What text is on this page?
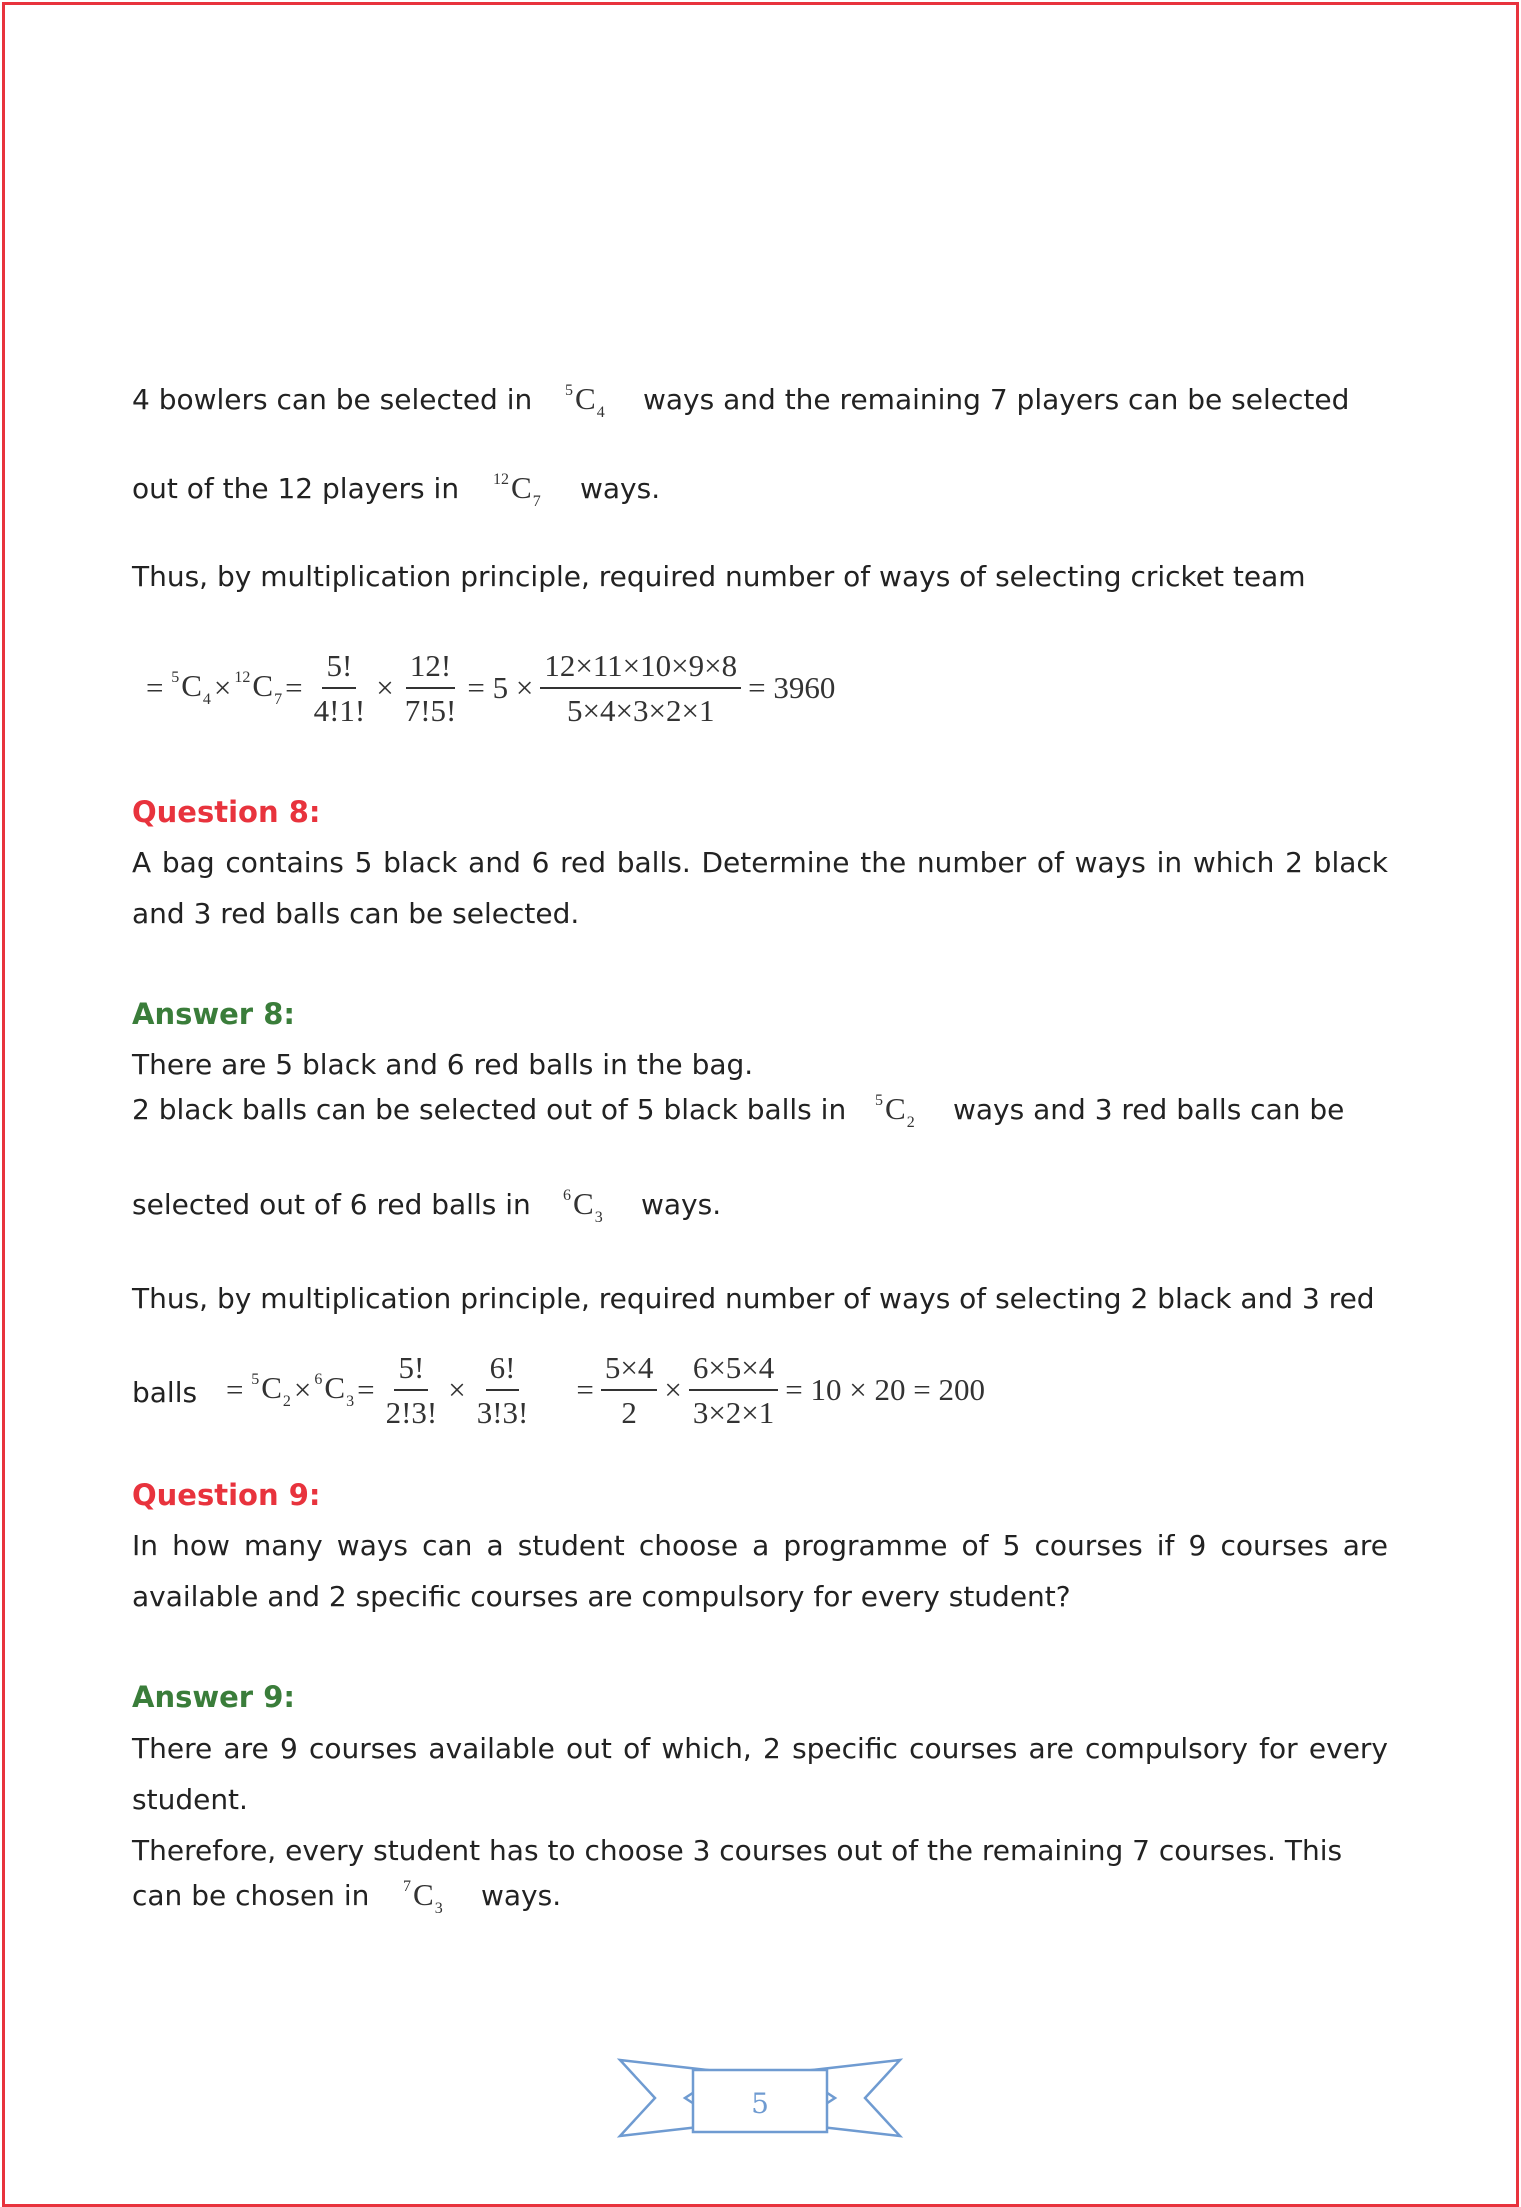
4 bowlers can be selected in $^5C_4$ ways and the remaining 7 players can be selected
out of the 12 players in $^{12}C_7$ ways.
Thus, by multiplication principle, required number of ways of selecting cricket team
=
$^5C_4 \times ^{12}C_7 = \frac{5!}{4!1!} \times \frac{12!}{7!5!} = 5 \times \frac{12\times 11\times 10\times 9\times 8}{5\times 4\times 3\times 2\times 1} = 3960$
Question 8:
A bag contains 5 black and 6 red balls. Determine the number of ways in which 2 black and 3 red balls can be selected.
Answer 8:
There are 5 black and 6 red balls in the bag.
2 black balls can be selected out of 5 black balls in $^5C_2$ ways and 3 red balls can be
selected out of 6 red balls in $^6C_3$ ways.
Thus, by multiplication principle, required number of ways of selecting 2 black and 3 red
balls =
$^5C_2 \times ^6C_3 = \frac{5!}{2!3!} \times \frac{6!}{3!3!} = \frac{5\times 4}{2} \times \frac{6\times 5\times 4}{3\times 2\times 1} = 10 \times 20 = 200$
Question 9:
In how many ways can a student choose a programme of 5 courses if 9 courses are available and 2 specific courses are compulsory for every student?
Answer 9:
There are 9 courses available out of which, 2 specific courses are compulsory for every student.
Therefore, every student has to choose 3 courses out of the remaining 7 courses. This
can be chosen in $^7C_3$ ways.
5
